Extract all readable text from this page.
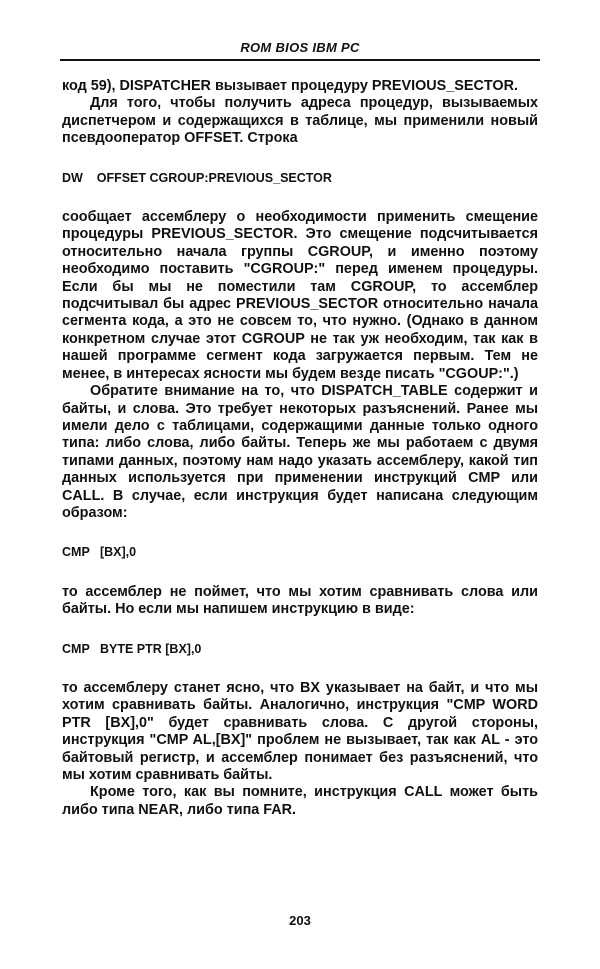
ROM BIOS IBM PC

код 59), DISPATCHER вызывает процедуру PREVIOUS_SECTOR.

Для того, чтобы получить адреса процедур, вызываемых диспетчером и содержащихся в таблице, мы применили новый псевдооператор OFFSET. Строка

DW    OFFSET CGROUP:PREVIOUS_SECTOR

сообщает ассемблеру о необходимости применить смещение процедуры PREVIOUS_SECTOR. Это смещение подсчитывается относительно начала группы CGROUP, и именно поэтому необходимо поставить "CGROUP:" перед именем процедуры. Если бы мы не поместили там CGROUP, то ассемблер подсчитывал бы адрес PREVIOUS_SECTOR относительно начала сегмента кода, а это не совсем то, что нужно. (Однако в данном конкретном случае этот CGROUP не так уж необходим, так как в нашей программе сегмент кода загружается первым. Тем не менее, в интересах ясности мы будем везде писать "CGOUP:".)

Обратите внимание на то, что DISPATCH_TABLE содержит и байты, и слова. Это требует некоторых разъяснений. Ранее мы имели дело с таблицами, содержащими данные только одного типа: либо слова, либо байты. Теперь же мы работаем с двумя типами данных, поэтому нам надо указать ассемблеру, какой тип данных используется при применении инструкций CMP или CALL. В случае, если инструкция будет написана следующим образом:

CMP   [BX],0

то ассемблер не поймет, что мы хотим сравнивать слова или байты. Но если мы напишем инструкцию в виде:

CMP   BYTE PTR [BX],0

то ассемблеру станет ясно, что BX указывает на байт, и что мы хотим сравнивать байты. Аналогично, инструкция "CMP WORD PTR [BX],0" будет сравнивать слова. С другой стороны, инструкция "CMP AL,[BX]" проблем не вызывает, так как AL - это байтовый регистр, и ассемблер понимает без разъяснений, что мы хотим сравнивать байты.

Кроме того, как вы помните, инструкция CALL может быть либо типа NEAR, либо типа FAR.

203
